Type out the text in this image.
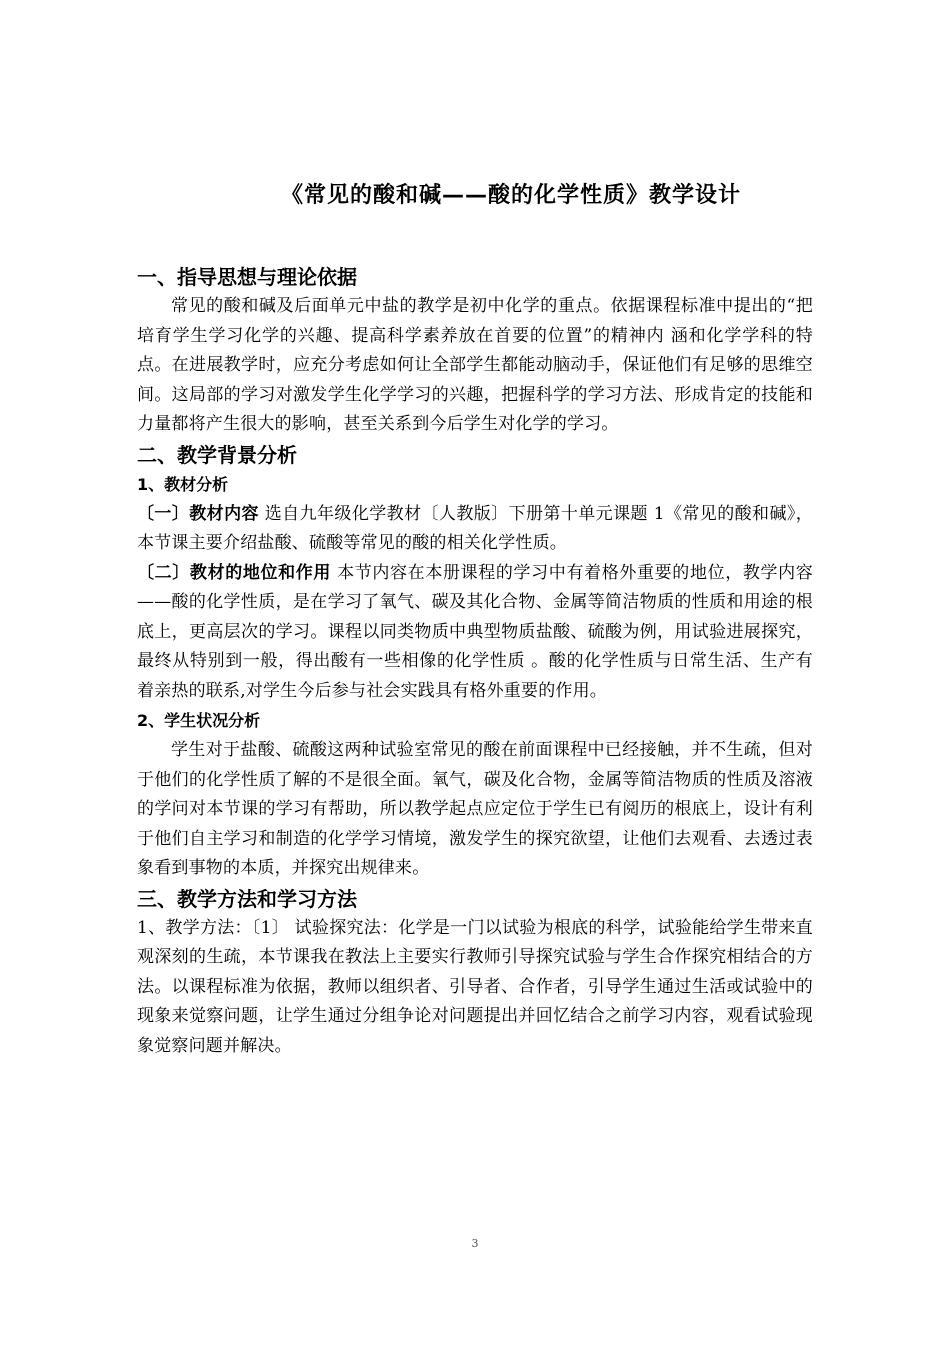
《常见的酸和碱——酸的化学性质》教学设计
一、指导思想与理论依据

常见的酸和碱及后面单元中盐的教学是初中化学的重点。依据课程标准中提出的“把培育学生学习化学的兴趣、提高科学素养放在首要的位置”的精神内 涵和化学学科的特点。在进展教学时，应充分考虑如何让全部学生都能动脑动手，保证他们有足够的思维空间。这局部的学习对激发学生化学学习的兴趣，把握科学的学习方法、形成肯定的技能和力量都将产生很大的影响，甚至关系到今后学生对化学的学习。

二、教学背景分析
1、教材分析

〔一〕教材内容 选自九年级化学教材〔人教版〕下册第十单元课题 1《常见的酸和碱》，本节课主要介绍盐酸、硫酸等常见的酸的相关化学性质。

〔二〕教材的地位和作用 本节内容在本册课程的学习中有着格外重要的地位，教学内容——酸的化学性质，是在学习了氧气、碳及其化合物、金属等简洁物质的性质和用途的根底上，更高层次的学习。课程以同类物质中典型物质盐酸、硫酸为例，用试验进展探究，最终从特别到一般，得出酸有一些相像的化学性质 。酸的化学性质与日常生活、生产有着亲热的联系,对学生今后参与社会实践具有格外重要的作用。

2、学生状况分析

学生对于盐酸、硫酸这两种试验室常见的酸在前面课程中已经接触，并不生疏，但对于他们的化学性质了解的不是很全面。氧气，碳及化合物，金属等简洁物质的性质及溶液的学问对本节课的学习有帮助，所以教学起点应定位于学生已有阅历的根底上，设计有利于他们自主学习和制造的化学学习情境，激发学生的探究欲望，让他们去观看、去透过表象看到事物的本质，并探究出规律来。

三、教学方法和学习方法

1、教学方法：〔1〕 试验探究法：化学是一门以试验为根底的科学，试验能给学生带来直观深刻的生疏，本节课我在教法上主要实行教师引导探究试验与学生合作探究相结合的方法。以课程标准为依据，教师以组织者、引导者、合作者，引导学生通过生活或试验中的现象来觉察问题，让学生通过分组争论对问题提出并回忆结合之前学习内容，观看试验现象觉察问题并解决。

3
